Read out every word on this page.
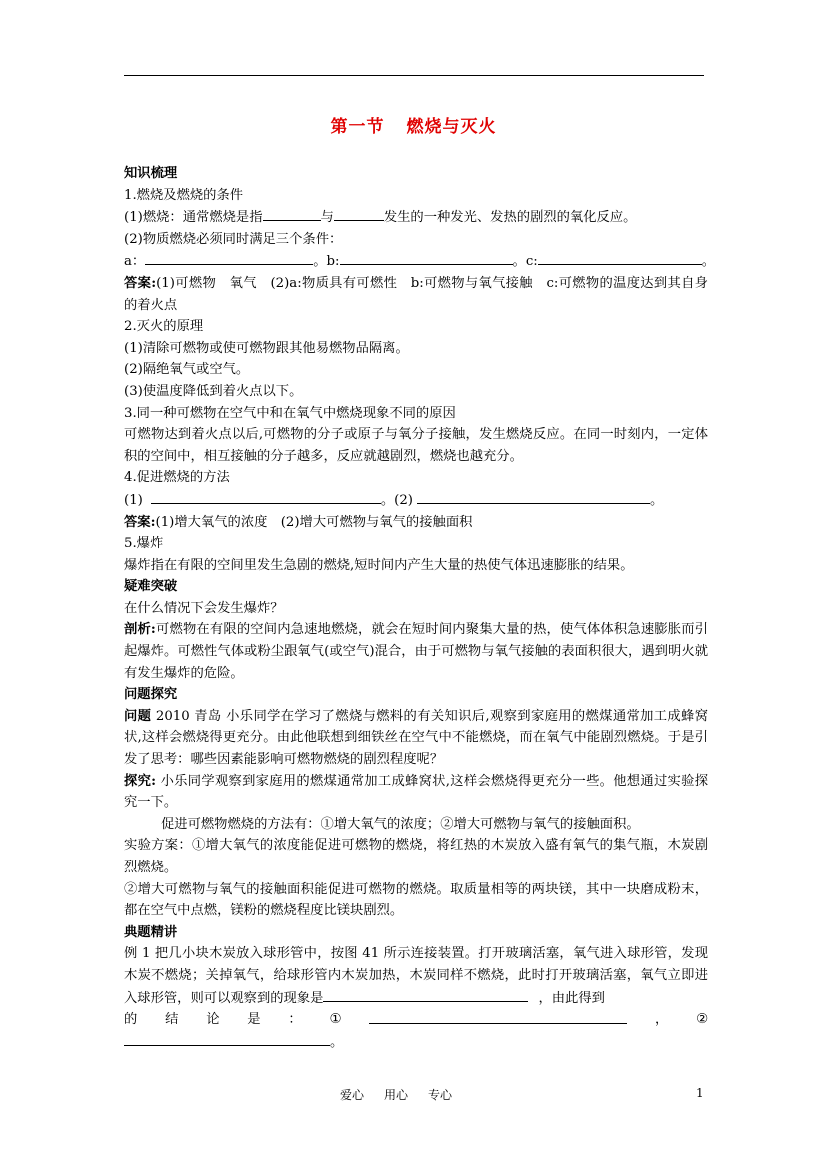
第一节 燃烧与灭火

知识梳理

1.燃烧及燃烧的条件

(1)燃烧：通常燃烧是指	与	发生的一种发光、发热的剧烈的氧化反应。

(2)物质燃烧必须同时满足三个条件：

a：	。b:	。c:	。

答案:(1)可燃物　氧气　(2)a:物质具有可燃性　b:可燃物与氧气接触　c:可燃物的温度达到其自身的着火点

2.灭火的原理

(1)清除可燃物或使可燃物跟其他易燃物品隔离。

(2)隔绝氧气或空气。

(3)使温度降低到着火点以下。

3.同一种可燃物在空气中和在氧气中燃烧现象不同的原因

可燃物达到着火点以后,可燃物的分子或原子与氧分子接触，发生燃烧反应。在同一时刻内，一定体积的空间中，相互接触的分子越多，反应就越剧烈，燃烧也越充分。

4.促进燃烧的方法

(1)	。(2)	。

答案:(1)增大氧气的浓度　(2)增大可燃物与氧气的接触面积

5.爆炸

爆炸指在有限的空间里发生急剧的燃烧,短时间内产生大量的热使气体迅速膨胀的结果。

疑难突破

在什么情况下会发生爆炸？

剖析:可燃物在有限的空间内急速地燃烧，就会在短时间内聚集大量的热，使气体体积急速膨胀而引起爆炸。可燃性气体或粉尘跟氧气(或空气)混合，由于可燃物与氧气接触的表面积很大，遇到明火就有发生爆炸的危险。

问题探究

问题 2010 青岛 小乐同学在学习了燃烧与燃料的有关知识后,观察到家庭用的燃煤通常加工成蜂窝状,这样会燃烧得更充分。由此他联想到细铁丝在空气中不能燃烧，而在氧气中能剧烈燃烧。于是引发了思考：哪些因素能影响可燃物燃烧的剧烈程度呢？

探究: 小乐同学观察到家庭用的燃煤通常加工成蜂窝状,这样会燃烧得更充分一些。他想通过实验探究一下。

促进可燃物燃烧的方法有：①增大氧气的浓度；②增大可燃物与氧气的接触面积。

实验方案：①增大氧气的浓度能促进可燃物的燃烧，将红热的木炭放入盛有氧气的集气瓶，木炭剧烈燃烧。

②增大可燃物与氧气的接触面积能促进可燃物的燃烧。取质量相等的两块镁，其中一块磨成粉末，都在空气中点燃，镁粉的燃烧程度比镁块剧烈。

典题精讲

例 1 把几小块木炭放入球形管中，按图 41 所示连接装置。打开玻璃活塞，氧气进入球形管，发现木炭不燃烧；关掉氧气，给球形管内木炭加热，木炭同样不燃烧，此时打开玻璃活塞，氧气立即进入球形管，则可以观察到的现象是	，由此得到

的 结 论 是 ： ①	， ②

。

爱心 用心 专心	1
